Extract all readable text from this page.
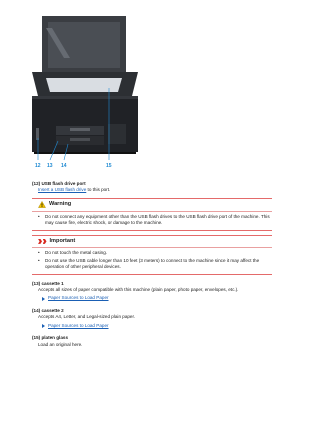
12 13 14	15
(12) USB flash drive port
Insert a USB flash drive to this port.
Warning
•	Do not connect any equipment other than the USB flash drives to the USB flash drive port of the machine. This may cause fire, electric shock, or damage to the machine.
Important
•	Do not touch the metal casing.
•	Do not use the USB cable longer than 10 feet (3 meters) to connect to the machine since it may affect the operation of other peripheral devices.
(13) cassette 1
Accepts all sizes of paper compatible with this machine (plain paper, photo paper, envelopes, etc.).
Paper Sources to Load Paper
(14) cassette 2
Accepts A4, Letter, and Legal-sized plain paper.
Paper Sources to Load Paper
(15) platen glass
Load an original here.
